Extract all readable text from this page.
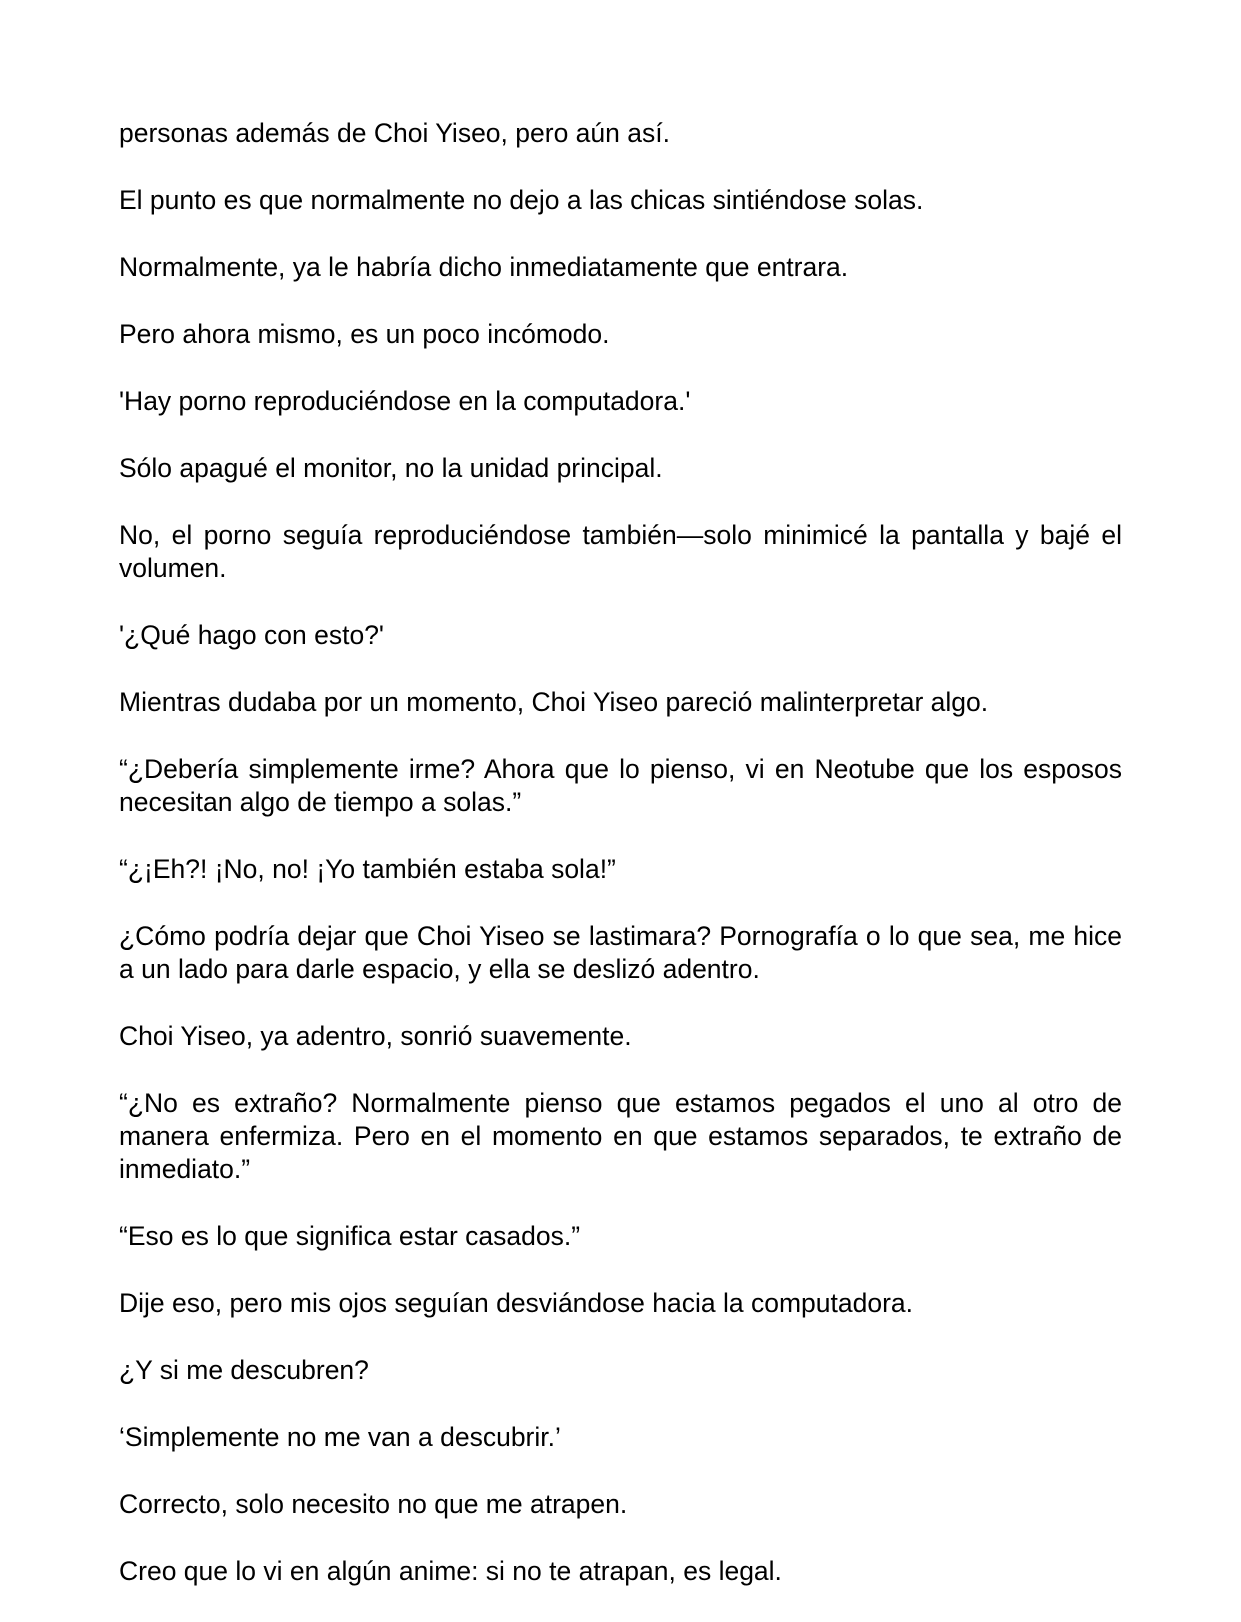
personas además de Choi Yiseo, pero aún así.

El punto es que normalmente no dejo a las chicas sintiéndose solas.

Normalmente, ya le habría dicho inmediatamente que entrara.

Pero ahora mismo, es un poco incómodo.

'Hay porno reproduciéndose en la computadora.'

Sólo apagué el monitor, no la unidad principal.

No, el porno seguía reproduciéndose también—solo minimicé la pantalla y bajé el volumen.

'¿Qué hago con esto?'

Mientras dudaba por un momento, Choi Yiseo pareció malinterpretar algo.

“¿Debería simplemente irme? Ahora que lo pienso, vi en Neotube que los esposos necesitan algo de tiempo a solas.”

“¿¡Eh?! ¡No, no! ¡Yo también estaba sola!”

¿Cómo podría dejar que Choi Yiseo se lastimara? Pornografía o lo que sea, me hice a un lado para darle espacio, y ella se deslizó adentro.

Choi Yiseo, ya adentro, sonrió suavemente.

“¿No es extraño? Normalmente pienso que estamos pegados el uno al otro de manera enfermiza. Pero en el momento en que estamos separados, te extraño de inmediato.”

“Eso es lo que significa estar casados.”

Dije eso, pero mis ojos seguían desviándose hacia la computadora.

¿Y si me descubren?

‘Simplemente no me van a descubrir.’

Correcto, solo necesito no que me atrapen.

Creo que lo vi en algún anime: si no te atrapan, es legal.
